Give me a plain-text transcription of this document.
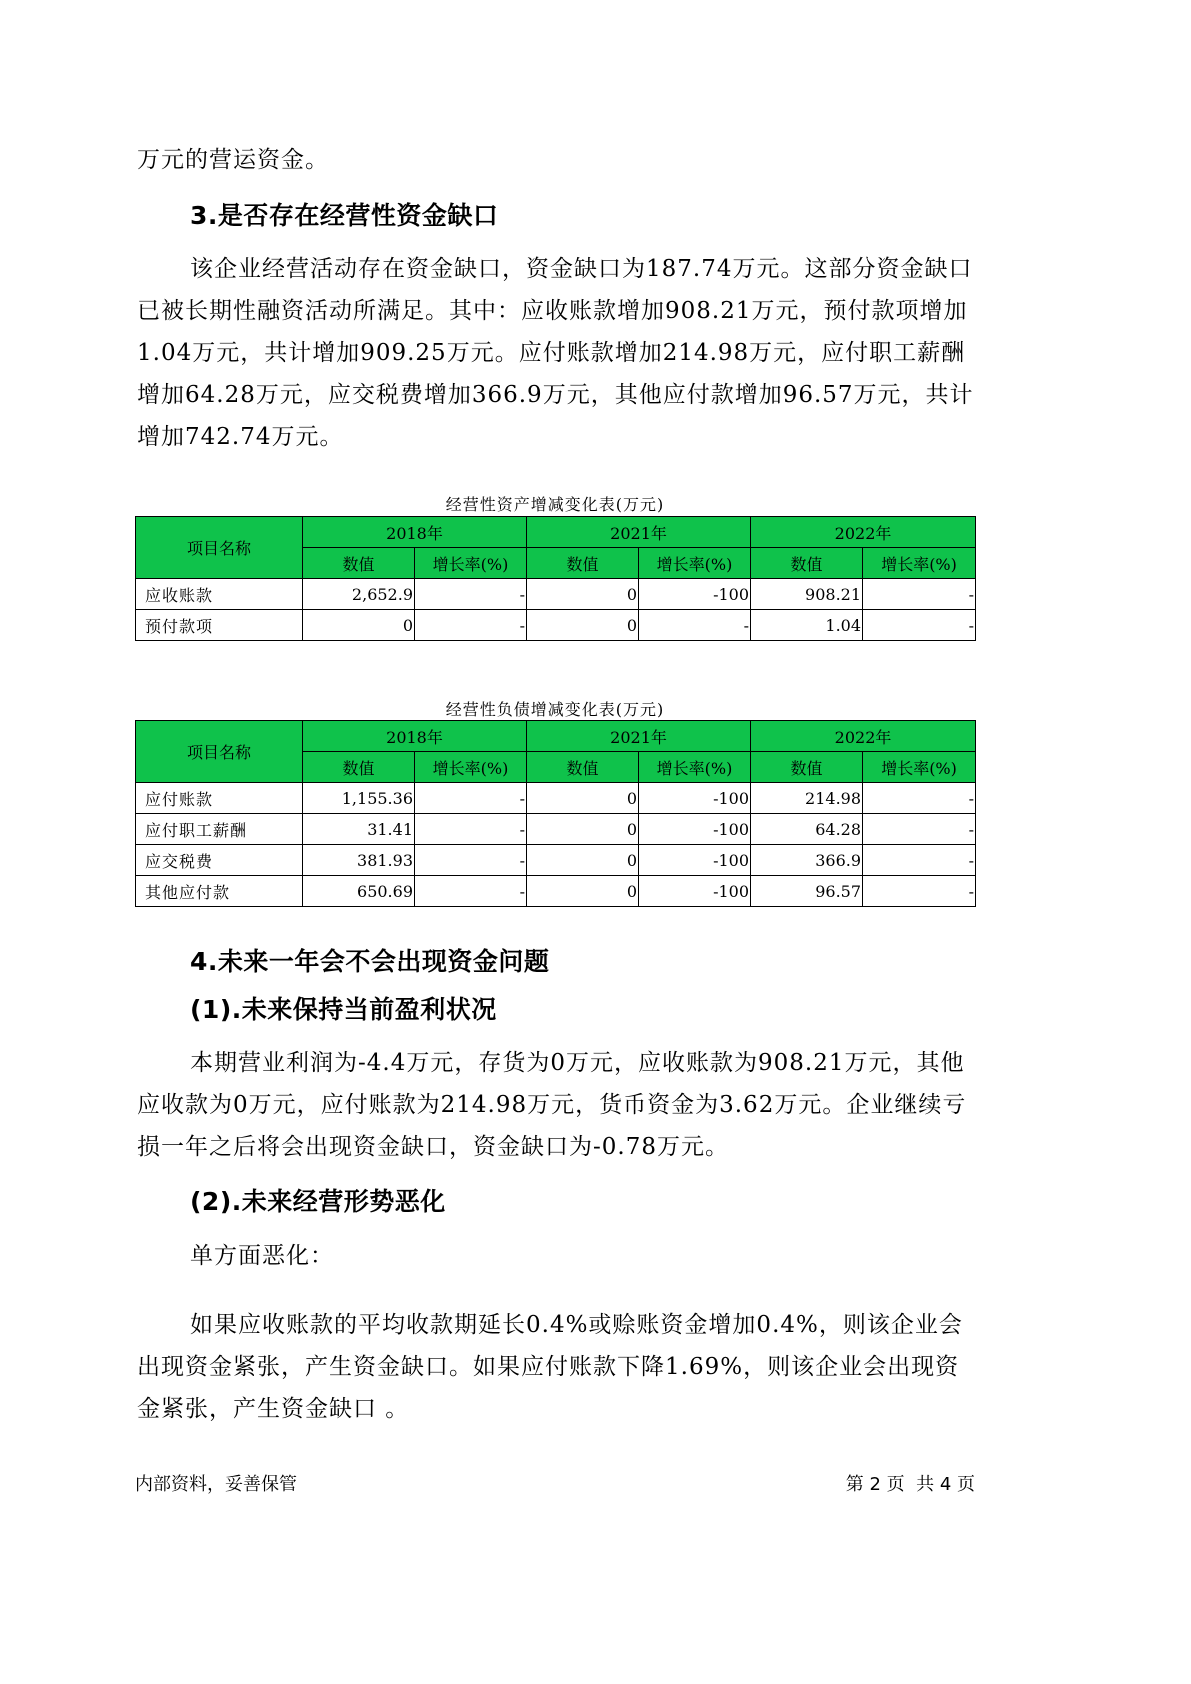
万元的营运资金。

3.是否存在经营性资金缺口

该企业经营活动存在资金缺口，资金缺口为187.74万元。这部分资金缺口已被长期性融资活动所满足。其中：应收账款增加908.21万元，预付款项增加1.04万元，共计增加909.25万元。应付账款增加214.98万元，应付职工薪酬增加64.28万元，应交税费增加366.9万元，其他应付款增加96.57万元，共计增加742.74万元。

经营性资产增减变化表(万元)
项目名称	2018年		2021年		2022年	
	数值	增长率(%)	数值	增长率(%)	数值	增长率(%)
应收账款	2,652.9	-	0	-100	908.21	-
预付款项	0	-	0	-	1.04	-
经营性负债增减变化表(万元)
项目名称	2018年		2021年		2022年	
	数值	增长率(%)	数值	增长率(%)	数值	增长率(%)
应付账款	1,155.36	-	0	-100	214.98	-
应付职工薪酬	31.41	-	0	-100	64.28	-
应交税费	381.93	-	0	-100	366.9	-
其他应付款	650.69	-	0	-100	96.57	-
4.未来一年会不会出现资金问题
(1).未来保持当前盈利状况

本期营业利润为-4.4万元，存货为0万元，应收账款为908.21万元，其他应收款为0万元，应付账款为214.98万元，货币资金为3.62万元。企业继续亏损一年之后将会出现资金缺口，资金缺口为-0.78万元。

(2).未来经营形势恶化

单方面恶化：

如果应收账款的平均收款期延长0.4%或赊账资金增加0.4%，则该企业会出现资金紧张，产生资金缺口。如果应付账款下降1.69%，则该企业会出现资金紧张，产生资金缺口 。

内部资料，妥善保管	第 2 页  共 4 页
